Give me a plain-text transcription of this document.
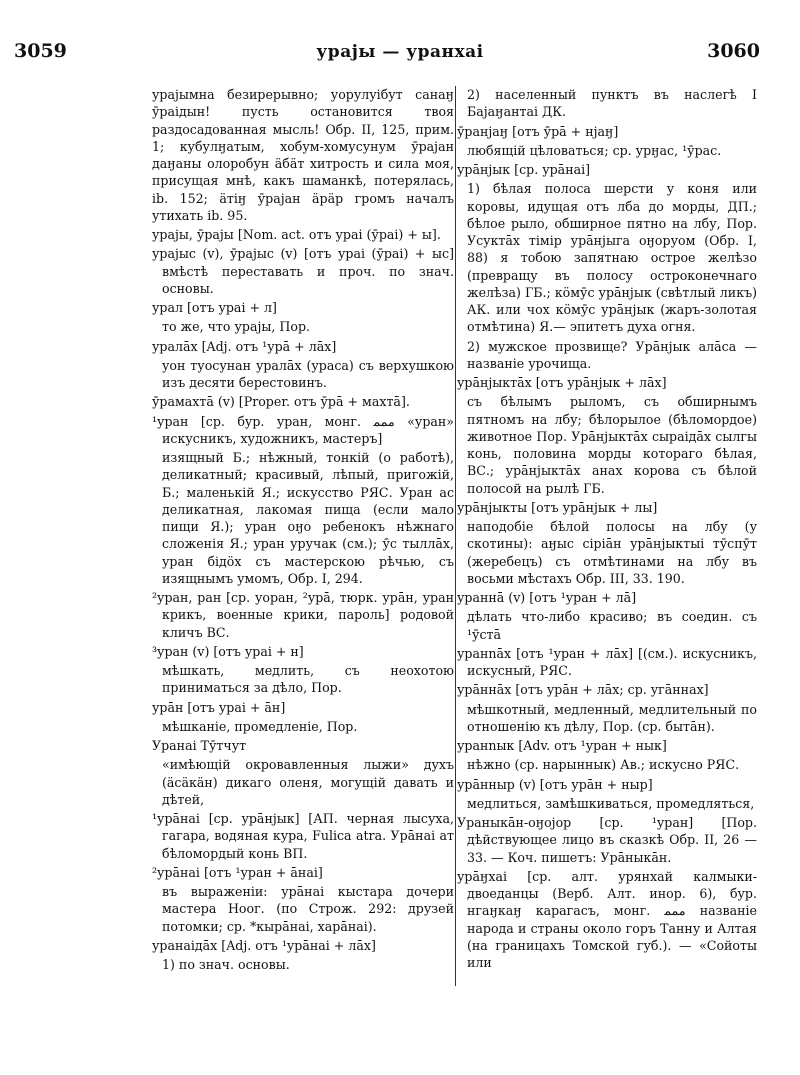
3059	ураjы — уранхаі	3060

ураjымна безирерывно; уорулуібут санаӈ ӯраідын! пусть остановится твоя раздосадованная мысль! Обр. II, 125, прим. 1; кубулӈатым, хобум-хомусунум ӯраjан даӈаны олоробун äбäт хитрость и сила моя, присущая мнѣ, какъ шаманкѣ, потерялась, ib. 152; äтiӈ ӯраjан äрäр громъ началъ утихать ib. 95.

ураjы, ӯраjы [Nom. act. отъ ураі (ӯраі) + ы].

ураjыс (v), ӯраjыс (v) [отъ ураі (ӯраі) + ыс] вмѣстѣ переставать и проч. по знач. основы.

урал [отъ ураі + л]

то же, что ураjы, Пор.

уралāх [Adj. отъ ¹урā + лāх]

уон туосунан уралāх (ураса) съ верхушкою изъ десяти берестовинъ.

ӯрамахтā (v) [Proper. отъ ӯрā + махтā].

¹уран [ср. бур. уран, монг. ﻣﻤﻤ «уран» искусникъ, художникъ, мастеръ]

изящный Б.; нѣжный, тонкій (о работѣ), деликатный; красивый, лѣпый, пригожій, Б.; маленькій Я.; искусство РЯС. Уран ас деликатная, лакомая пища (если мало пищи Я.); уран оӈо ребенокъ нѣжнаго сложенія Я.; уран уручак (см.); ӯс тыллāх, уран бiдöх съ мастерскою рѣчью, съ изящнымъ умомъ, Обр. I, 294.

²уран, ран [ср. уоран, ²урā, тюрк. урāн, уран крикъ, военные крики, пароль] родовой кличъ ВС.

³уран (v) [отъ ураі + н]

мѣшкать, медлить, съ неохотою приниматься за дѣло, Пор.

урāн [отъ ураі + āн]

мѣшканіе, промедленіе, Пор.

Уранаі Тӯтчут

«имѣющій окровавленныя лыжи» духъ (äсäкäн) дикаго оленя, могущій давать и дѣтей,

¹урāнаі [ср. урāнjык] [АП. черная лысуха, гагара, водяная кура, Fulica atra. Урāнаі ат бѣломордый конь ВП.

²урāнаі [отъ ¹уран + āнаі]

въ выраженіи: урāнаі кыстара дочери мастера Ноог. (по Строж. 292: друзей потомки; ср. *кырāнаі, харāнаі).

уранаідāх [Adj. отъ ¹урāнаі + лāх]

1) по знач. основы.

2) населенный пунктъ въ наслегѣ I Баjаӈантаі ДК.

ӯранjаӈ [отъ ӯрā + нjаӈ]

любящій цѣловаться; ср. урӈас, ¹ӯрас.

урāнjык [ср. урāнаі]

1) бѣлая полоса шерсти у коня или коровы, идущая отъ лба до морды, ДП.; бѣлое рыло, обширное пятно на лбу, Пор. Усуктāх тiмiр урāнjыга оӈоруом (Обр. I, 88) я тобою запятнаю острое желѣзо (превращу въ полосу остроконечнаго желѣза) ГБ.; кöмӯс урāнjык (свѣтлый ликъ) АК. или чох кöмӯс урāнjык (жаръ-золотая отмѣтина) Я.— эпитетъ духа огня.

2) мужское прозвище? Урāнjык алāса — названіе урочища.

урāнjыктāх [отъ урāнjык + лāх]

съ бѣлымъ рыломъ, съ обширнымъ пятномъ на лбу; бѣлорылое (бѣломордое) животное Пор. Урāнjыктāх сыраідāх сылгы конь, половина морды котораго бѣлая, ВС.; урāнjыктāх анах корова съ бѣлой полосой на рылѣ ГБ.

урāнjыкты [отъ урāнjык + лы]

наподобіе бѣлой полосы на лбу (у скотины): аӈыс сiрiāн урāнjыктыі тӯспӯт (жеребецъ) съ отмѣтинами на лбу въ восьми мѣстахъ Обр. III, 33. 190.

ураннā (v) [отъ ¹уран + лā]

дѣлать что-либо красиво; въ соедин. съ ¹ӯстā

уранnāх [отъ ¹уран + лāх] [(см.). искусникъ, искусный, РЯС.

урāннāх [отъ урāн + лāх; ср. угāннах]

мѣшкотный, медленный, медлительный по отношенію къ дѣлу, Пор. (ср. бытāн).

уранnык [Adv. отъ ¹уран + нык]

нѣжно (ср. нарыннык) Ав.; искусно РЯС.

урāнныр (v) [отъ урāн + ныр]

медлиться, замѣшкиваться, промедляться,

Ураныкāн-оӈоjор [ср. ¹уран] [Пор. дѣйствующее лицо въ сказкѣ Обр. II, 26 — 33. — Коч. пишетъ: Урāныкāн.

урāӈхаі [ср. алт. урянхай калмыки-двоеданцы (Верб. Алт. инор. 6), бур. нгаӈкаӈ карагасъ, монг. ﻣﻤﻤ названіе народа и страны около горъ Танну и Алтая (на границахъ Томской губ.). — «Сойоты или
